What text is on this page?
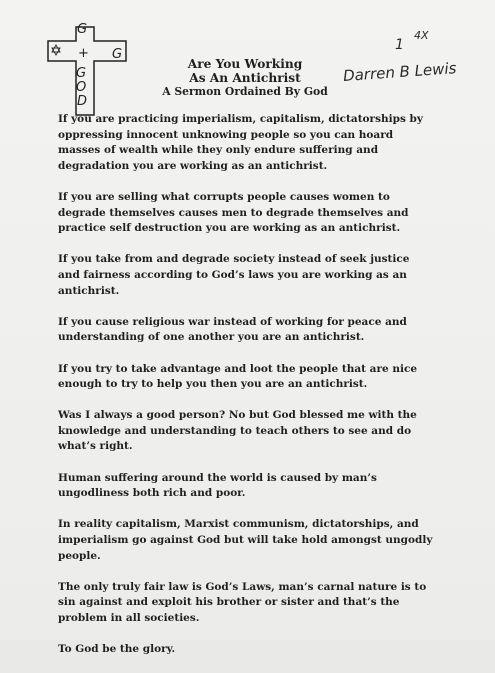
G
+ G
G
O
D
Are You Working
As An Antichrist
A Sermon Ordained By God
1
4X
Darren B Lewis

If you are practicing imperialism, capitalism, dictatorships by oppressing innocent unknowing people so you can hoard masses of wealth while they only endure suffering and degradation you are working as an antichrist.

If you are selling what corrupts people causes women to degrade themselves causes men to degrade themselves and practice self destruction you are working as an antichrist.

If you take from and degrade society instead of seek justice and fairness according to God’s laws you are working as an antichrist.

If you cause religious war instead of working for peace and understanding of one another you are an antichrist.

If you try to take advantage and loot the people that are nice enough to try to help you then you are an antichrist.

Was I always a good person? No but God blessed me with the knowledge and understanding to teach others to see and do what’s right.

Human suffering around the world is caused by man’s ungodliness both rich and poor.

In reality capitalism, Marxist communism, dictatorships, and imperialism go against God but will take hold amongst ungodly people.

The only truly fair law is God’s Laws, man’s carnal nature is to sin against and exploit his brother or sister and that’s the problem in all societies.

To God be the glory.
